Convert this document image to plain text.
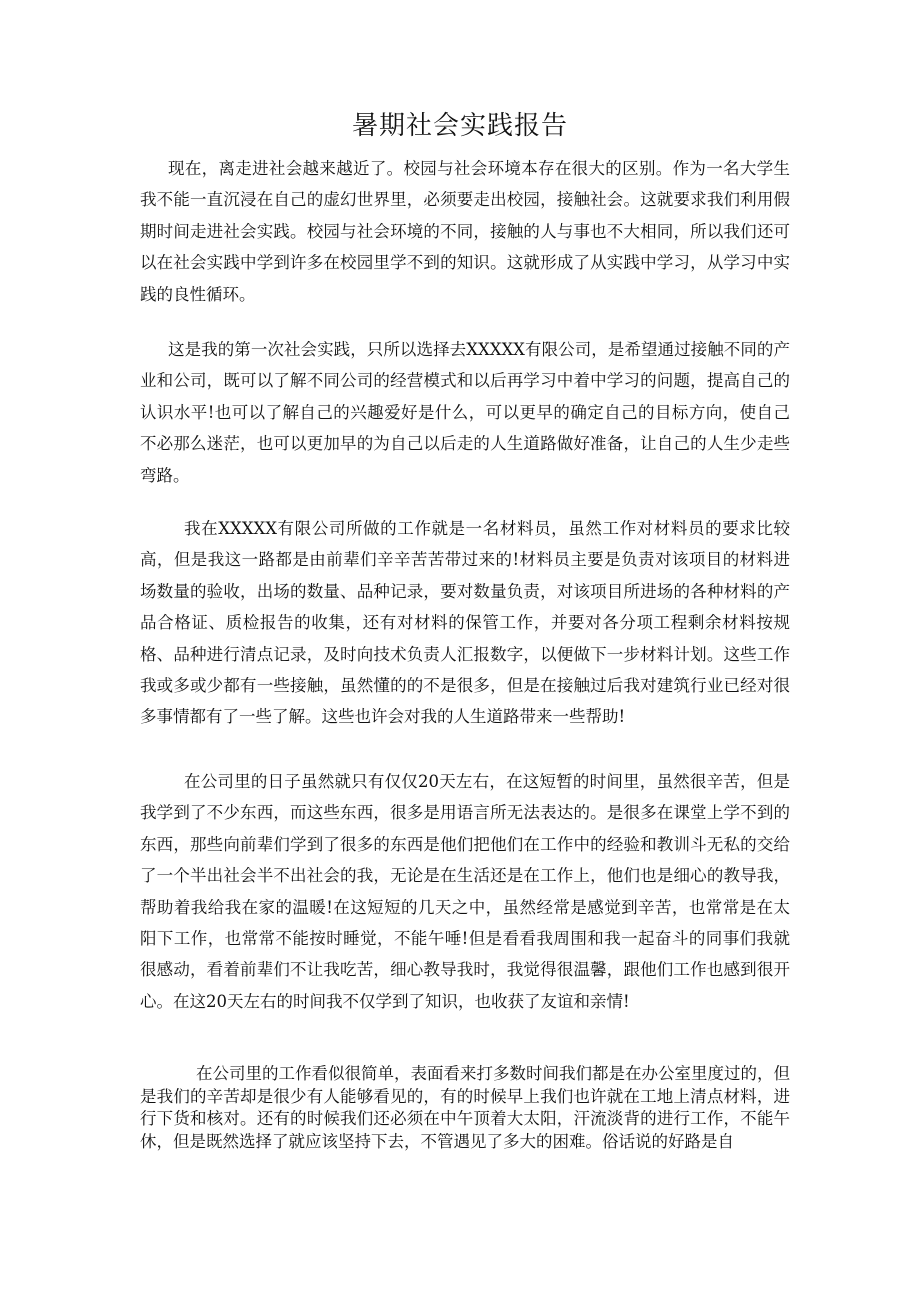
暑期社会实践报告

现在，离走进社会越来越近了。校园与社会环境本存在很大的区别。作为一名大学生我不能一直沉浸在自己的虚幻世界里，必须要走出校园，接触社会。这就要求我们利用假期时间走进社会实践。校园与社会环境的不同，接触的人与事也不大相同，所以我们还可以在社会实践中学到许多在校园里学不到的知识。这就形成了从实践中学习，从学习中实践的良性循环。

这是我的第一次社会实践，只所以选择去XXXXX有限公司，是希望通过接触不同的产业和公司，既可以了解不同公司的经营模式和以后再学习中着中学习的问题，提高自己的认识水平!也可以了解自己的兴趣爱好是什么，可以更早的确定自己的目标方向，使自己不必那么迷茫，也可以更加早的为自己以后走的人生道路做好准备，让自己的人生少走些弯路。

我在XXXXX有限公司所做的工作就是一名材料员，虽然工作对材料员的要求比较高，但是我这一路都是由前辈们辛辛苦苦带过来的!材料员主要是负责对该项目的材料进场数量的验收，出场的数量、品种记录，要对数量负责，对该项目所进场的各种材料的产品合格证、质检报告的收集，还有对材料的保管工作，并要对各分项工程剩余材料按规格、品种进行清点记录，及时向技术负责人汇报数字，以便做下一步材料计划。这些工作我或多或少都有一些接触，虽然懂的的不是很多，但是在接触过后我对建筑行业已经对很多事情都有了一些了解。这些也许会对我的人生道路带来一些帮助!

在公司里的日子虽然就只有仅仅20天左右，在这短暂的时间里，虽然很辛苦，但是我学到了不少东西，而这些东西，很多是用语言所无法表达的。是很多在课堂上学不到的东西，那些向前辈们学到了很多的东西是他们把他们在工作中的经验和教训斗无私的交给了一个半出社会半不出社会的我，无论是在生活还是在工作上，他们也是细心的教导我，帮助着我给我在家的温暖!在这短短的几天之中，虽然经常是感觉到辛苦，也常常是在太阳下工作，也常常不能按时睡觉，不能午唾!但是看看我周围和我一起奋斗的同事们我就很感动，看着前辈们不让我吃苦，细心教导我时，我觉得很温馨，跟他们工作也感到很开心。在这20天左右的时间我不仅学到了知识，也收获了友谊和亲情!

在公司里的工作看似很简单，表面看来打多数时间我们都是在办公室里度过的，但是我们的辛苦却是很少有人能够看见的，有的时候早上我们也许就在工地上清点材料，进行下货和核对。还有的时候我们还必须在中午顶着大太阳，汗流淡背的进行工作，不能午休，但是既然选择了就应该坚持下去，不管遇见了多大的困难。俗话说的好路是自
